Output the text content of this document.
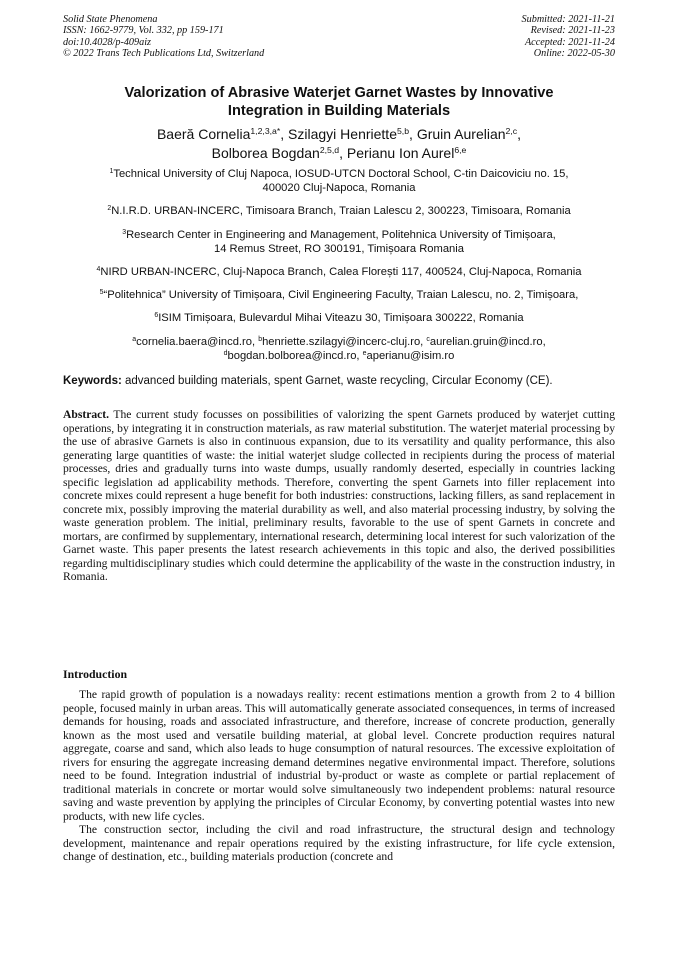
Solid State Phenomena
ISSN: 1662-9779, Vol. 332, pp 159-171
doi:10.4028/p-409aiz
© 2022 Trans Tech Publications Ltd, Switzerland
Submitted: 2021-11-21
Revised: 2021-11-23
Accepted: 2021-11-24
Online: 2022-05-30
Valorization of Abrasive Waterjet Garnet Wastes by Innovative
Integration in Building Materials
Baeră Cornelia$^{1,2,3,a*}$, Szilagyi Henriette$^{5,b}$, Gruin Aurelian$^{2,c}$,
Bolborea Bogdan$^{2,5,d}$, Perianu Ion Aurel$^{6,e}$
$^1$Technical University of Cluj Napoca, IOSUD-UTCN Doctoral School, C-tin Daicoviciu no. 15,
400020 Cluj-Napoca, Romania
$^2$N.I.R.D. URBAN-INCERC, Timisoara Branch, Traian Lalescu 2, 300223, Timisoara, Romania
$^3$Research Center in Engineering and Management, Politehnica University of Timișoara,
14 Remus Street, RO 300191, Timișoara Romania
$^4$NIRD URBAN-INCERC, Cluj-Napoca Branch, Calea Florești 117, 400524, Cluj-Napoca, Romania
$^5$“Politehnica” University of Timișoara, Civil Engineering Faculty, Traian Lalescu, no. 2, Timișoara,
$^6$ISIM Timișoara, Bulevardul Mihai Viteazu 30, Timișoara 300222, Romania
$^a$cornelia.baera@incd.ro, $^b$henriette.szilagyi@incerc-cluj.ro, $^c$aurelian.gruin@incd.ro,
$^d$bogdan.bolborea@incd.ro, $^e$aperianu@isim.ro
Keywords: advanced building materials, spent Garnet, waste recycling, Circular Economy (CE).
Abstract. The current study focusses on possibilities of valorizing the spent Garnets produced by waterjet cutting operations, by integrating it in construction materials, as raw material substitution. The waterjet material processing by the use of abrasive Garnets is also in continuous expansion, due to its versatility and quality performance, this also generating large quantities of waste: the initial waterjet sludge collected in recipients during the process of material processes, dries and gradually turns into waste dumps, usually randomly deserted, especially in countries lacking specific legislation ad applicability methods. Therefore, converting the spent Garnets into filler replacement into concrete mixes could represent a huge benefit for both industries: constructions, lacking fillers, as sand replacement in concrete mix, possibly improving the material durability as well, and also material processing industry, by solving the waste generation problem. The initial, preliminary results, favorable to the use of spent Garnets in concrete and mortars, are confirmed by supplementary, international research, determining local interest for such valorization of the Garnet waste. This paper presents the latest research achievements in this topic and also, the derived possibilities regarding multidisciplinary studies which could determine the applicability of the waste in the construction industry, in Romania.
Introduction

The rapid growth of population is a nowadays reality: recent estimations mention a growth from 2 to 4 billion people, focused mainly in urban areas. This will automatically generate associated consequences, in terms of increased demands for housing, roads and associated infrastructure, and therefore, increase of concrete production, generally known as the most used and versatile building material, at global level. Concrete production requires natural aggregate, coarse and sand, which also leads to huge consumption of natural resources. The excessive exploitation of rivers for ensuring the aggregate increasing demand determines negative environmental impact. Therefore, solutions need to be found. Integration industrial of industrial by-product or waste as complete or partial replacement of traditional materials in concrete or mortar would solve simultaneously two independent problems: natural resource saving and waste prevention by applying the principles of Circular Economy, by converting potential wastes into new products, with new life cycles.

The construction sector, including the civil and road infrastructure, the structural design and technology development, maintenance and repair operations required by the existing infrastructure, for life cycle extension, change of destination, etc., building materials production (concrete and
